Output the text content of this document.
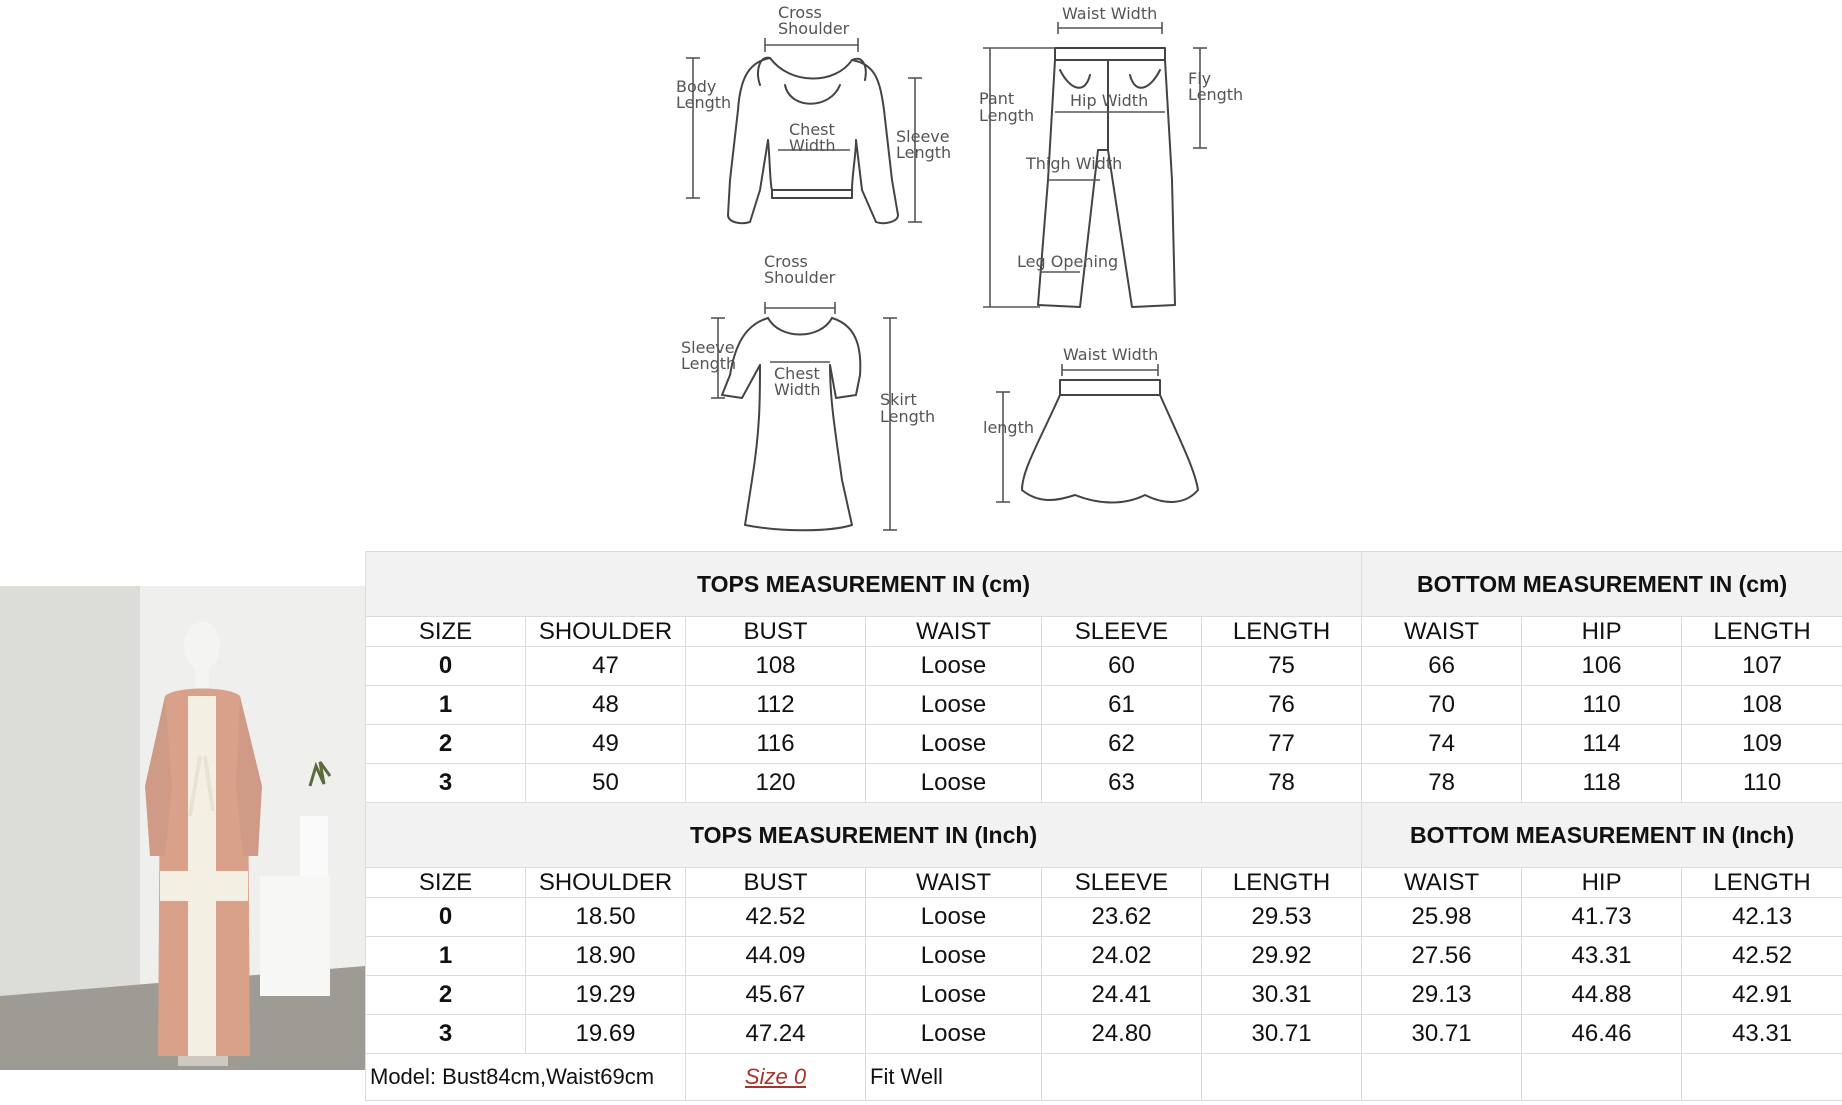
Cross
Shoulder
Body
Length
Chest
Width	Sleeve
Length
Waist Width
Pant
Length
Hip Width
Fly
Length
Thigh Width
Leg Opening
Cross
Shoulder
Sleeve
Length
Chest
Width
Skirt
Length
Waist Width
length
TOPS MEASUREMENT IN (cm)						BOTTOM MEASUREMENT IN (cm)		
SIZE	SHOULDER	BUST	WAIST	SLEEVE	LENGTH	WAIST	HIP	LENGTH
0	47	108	Loose	60	75	66	106	107
1	48	112	Loose	61	76	70	110	108
2	49	116	Loose	62	77	74	114	109
3	50	120	Loose	63	78	78	118	110
TOPS MEASUREMENT IN (Inch)						BOTTOM MEASUREMENT IN (Inch)		
SIZE	SHOULDER	BUST	WAIST	SLEEVE	LENGTH	WAIST	HIP	LENGTH
0	18.50	42.52	Loose	23.62	29.53	25.98	41.73	42.13
1	18.90	44.09	Loose	24.02	29.92	27.56	43.31	42.52
2	19.29	45.67	Loose	24.41	30.31	29.13	44.88	42.91
3	19.69	47.24	Loose	24.80	30.71	30.71	46.46	43.31
Model: Bust84cm,Waist69cm		Size 0	Fit Well					
